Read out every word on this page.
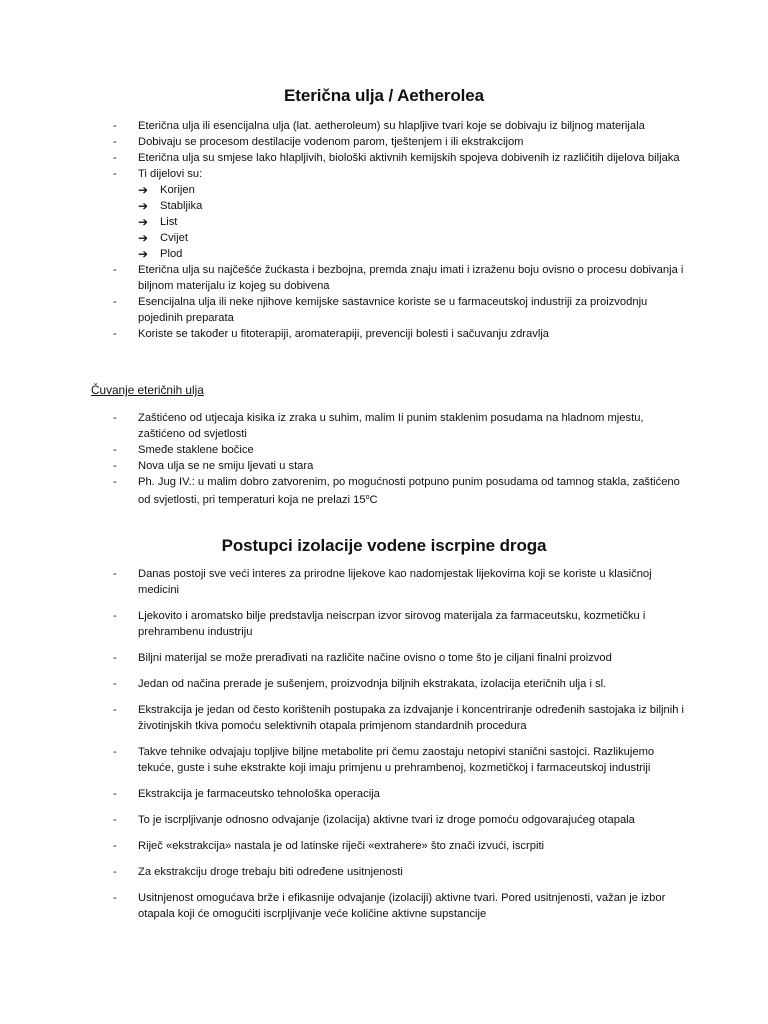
Eterična ulja / Aetherolea
- Eterična ulja ili esencijalna ulja (lat. aetheroleum) su hlapljive tvari koje se dobivaju iz biljnog materijala
- Dobivaju se procesom destilacije vodenom parom, tještenjem i ili ekstrakcijom
- Eterična ulja su smjese lako hlapljivih, biološki aktivnih kemijskih spojeva dobivenih iz različitih dijelova biljaka
- Ti dijelovi su:
➔ Korijen
➔ Stabljika
➔ List
➔ Cvijet
➔ Plod
- Eterična ulja su najčešće žućkasta i bezbojna, premda znaju imati i izraženu boju ovisno o procesu dobivanja i biljnom materijalu iz kojeg su dobivena
- Esencijalna ulja ili neke njihove kemijske sastavnice koriste se u farmaceutskoj industriji za proizvodnju pojedinih preparata
- Koriste se također u fitoterapiji, aromaterapiji, prevenciji bolesti i sačuvanju zdravlja
Čuvanje eteričnih ulja
- Zaštićeno od utjecaja kisika iz zraka u suhim, malim Ii punim staklenim posudama na hladnom mjestu, zaštićeno od svjetlosti
- Smeđe staklene bočice
- Nova ulja se ne smiju ljevati u stara
- Ph. Jug IV.: u malim dobro zatvorenim, po mogućnosti potpuno punim posudama od tamnog stakla, zaštićeno od svjetlosti, pri temperaturi koja ne prelazi 15$^o$C
Postupci izolacije vodene iscrpine droga
- Danas postoji sve veći interes za prirodne lijekove kao nadomjestak lijekovima koji se koriste u klasičnoj medicini
- Ljekovito i aromatsko bilje predstavlja neiscrpan izvor sirovog materijala za farmaceutsku, kozmetičku i prehrambenu industriju
- Biljni materijal se može prerađivati na različite načine ovisno o tome što je ciljani finalni proizvod
- Jedan od načina prerade je sušenjem, proizvodnja biljnih ekstrakata, izolacija eteričnih ulja i sl.
- Ekstrakcija je jedan od često korištenih postupaka za izdvajanje i koncentriranje određenih sastojaka iz biljnih i životinjskih tkiva pomoću selektivnih otapala primjenom standardnih procedura
- Takve tehnike odvajaju topljive biljne metabolite pri čemu zaostaju netopivi stanični sastojci. Razlikujemo tekuće, guste i suhe ekstrakte koji imaju primjenu u prehrambenoj, kozmetičkoj i farmaceutskoj industriji
- Ekstrakcija je farmaceutsko tehnološka operacija
- To je iscrpljivanje odnosno odvajanje (izolacija) aktivne tvari iz droge pomoću odgovarajućeg otapala
- Riječ «ekstrakcija» nastala je od latinske riječi «extrahere» što znači izvući, iscrpiti
- Za ekstrakciju droge trebaju biti određene usitnjenosti
- Usitnjenost omogućava brže i efikasnije odvajanje (izolaciji) aktivne tvari. Pored usitnjenosti, važan je izbor otapala koji će omogućiti iscrpljivanje veće količine aktivne supstancije
